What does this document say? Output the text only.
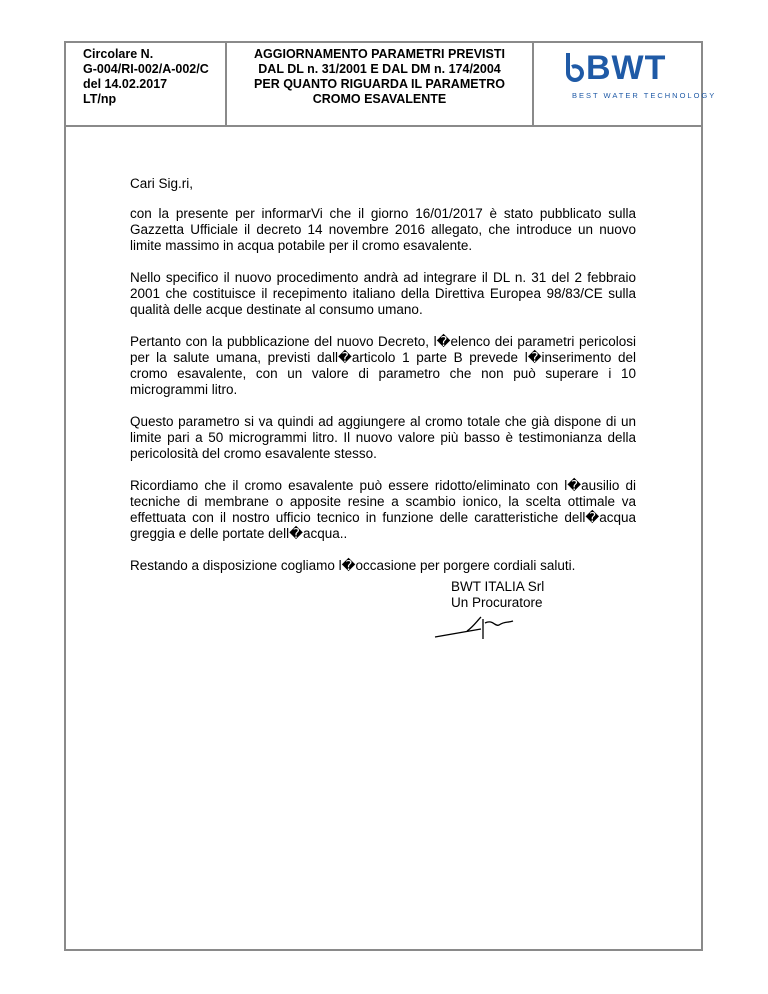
Circolare N.
G-004/RI-002/A-002/C
del 14.02.2017
LT/np
AGGIORNAMENTO PARAMETRI PREVISTI
DAL DL n. 31/2001 E DAL DM n. 174/2004
PER QUANTO RIGUARDA IL PARAMETRO
CROMO ESAVALENTE
BWT
BEST WATER TECHNOLOGY

Cari Sig.ri,

con la presente per informarVi che il giorno 16/01/2017 è stato pubblicato sulla Gazzetta Ufficiale il decreto 14 novembre 2016 allegato, che introduce un nuovo limite massimo in acqua potabile per il cromo esavalente.

Nello specifico il nuovo procedimento andrà ad integrare il DL n. 31 del 2 febbraio 2001 che costituisce il recepimento italiano della Direttiva Europea 98/83/CE sulla qualità delle acque destinate al consumo umano.

Pertanto con la pubblicazione del nuovo Decreto, l�elenco dei parametri pericolosi per la salute umana, previsti dall�articolo 1 parte B prevede l�inserimento del cromo esavalente, con un valore di parametro che non può superare i 10 microgrammi litro.

Questo parametro si va quindi ad aggiungere al cromo totale che già dispone di un limite pari a 50 microgrammi litro. Il nuovo valore più basso è testimonianza della pericolosità del cromo esavalente stesso.

Ricordiamo che il cromo esavalente può essere ridotto/eliminato con l�ausilio di tecniche di membrane o apposite resine a scambio ionico, la scelta ottimale va effettuata con il nostro ufficio tecnico in funzione delle caratteristiche dell�acqua greggia e delle portate dell�acqua..

Restando a disposizione cogliamo l�occasione per porgere cordiali saluti.

BWT ITALIA Srl
Un Procuratore
